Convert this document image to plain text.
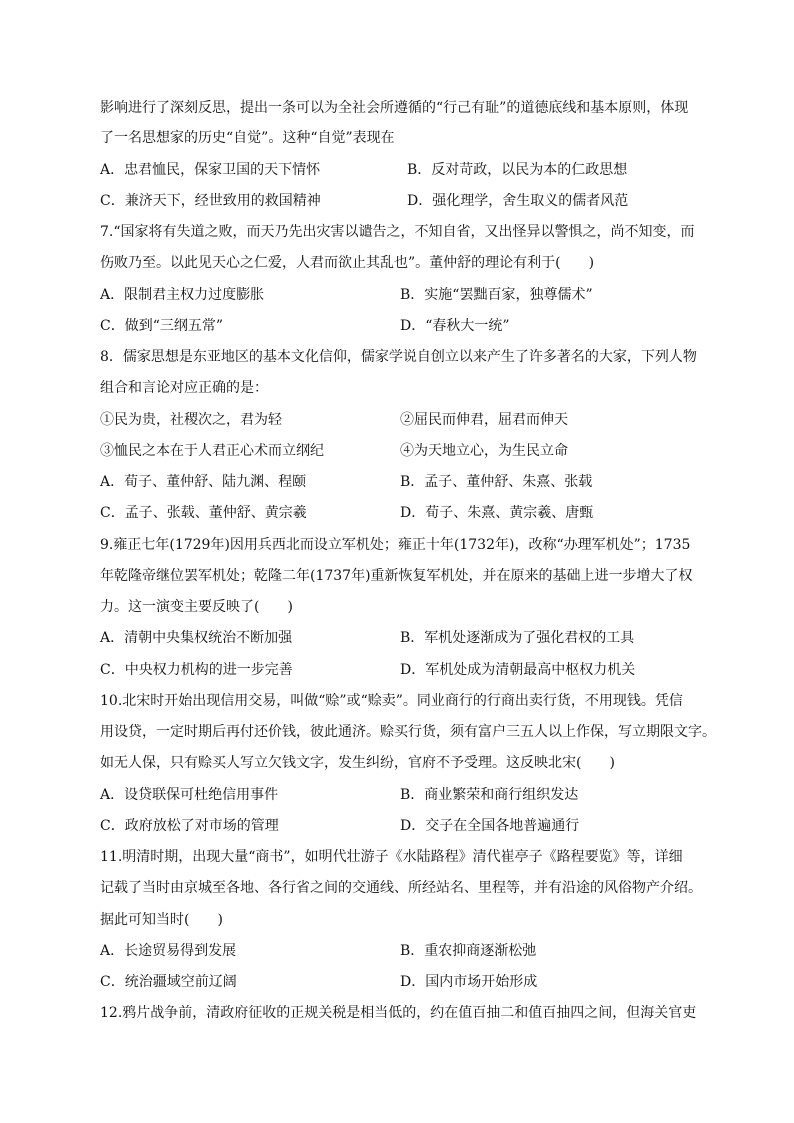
影响进行了深刻反思，提出一条可以为全社会所遵循的“行己有耻”的道德底线和基本原则，体现
了一名思想家的历史“自觉”。这种“自觉”表现在
A．忠君恤民，保家卫国的天下情怀	B．反对苛政，以民为本的仁政思想
C．兼济天下，经世致用的救国精神	D．强化理学，舍生取义的儒者风范
7.“国家将有失道之败，而天乃先出灾害以谴告之，不知自省，又出怪异以警惧之，尚不知变，而
伤败乃至。以此见天心之仁爱，人君而欲止其乱也”。董仲舒的理论有利于(　　)
A．限制君主权力过度膨胀	B．实施“罢黜百家，独尊儒术”
C．做到“三纲五常”	D．“春秋大一统”
8．儒家思想是东亚地区的基本文化信仰，儒家学说自创立以来产生了许多著名的大家，下列人物
组合和言论对应正确的是：
①民为贵，社稷次之，君为轻	②屈民而伸君，屈君而伸天
③恤民之本在于人君正心术而立纲纪	④为天地立心，为生民立命
A．荀子、董仲舒、陆九渊、程颐	B．孟子、董仲舒、朱熹、张载
C．孟子、张载、董仲舒、黄宗羲	D．荀子、朱熹、黄宗羲、唐甄
9.雍正七年(1729年)因用兵西北而设立军机处；雍正十年(1732年)，改称“办理军机处”；1735
年乾隆帝继位罢军机处；乾隆二年(1737年)重新恢复军机处，并在原来的基础上进一步增大了权
力。这一演变主要反映了(　　)
A．清朝中央集权统治不断加强	B．军机处逐渐成为了强化君权的工具
C．中央权力机构的进一步完善	D．军机处成为清朝最高中枢权力机关
10.北宋时开始出现信用交易，叫做“赊”或“赊卖”。同业商行的行商出卖行货，不用现钱。凭信
用设贷，一定时期后再付还价钱，彼此通济。赊买行货，须有富户三五人以上作保，写立期限文字。
如无人保，只有赊买人写立欠钱文字，发生纠纷，官府不予受理。这反映北宋(　　)
A．设贷联保可杜绝信用事件	B．商业繁荣和商行组织发达
C．政府放松了对市场的管理	D．交子在全国各地普遍通行
11.明清时期，出现大量“商书”，如明代壮游子《水陆路程》清代崔亭子《路程要览》等，详细
记载了当时由京城至各地、各行省之间的交通线、所经站名、里程等，并有沿途的风俗物产介绍。
据此可知当时(　　)
A．长途贸易得到发展	B．重农抑商逐渐松弛
C．统治疆域空前辽阔	D．国内市场开始形成
12.鸦片战争前，清政府征收的正规关税是相当低的，约在值百抽二和值百抽四之间，但海关官吏
